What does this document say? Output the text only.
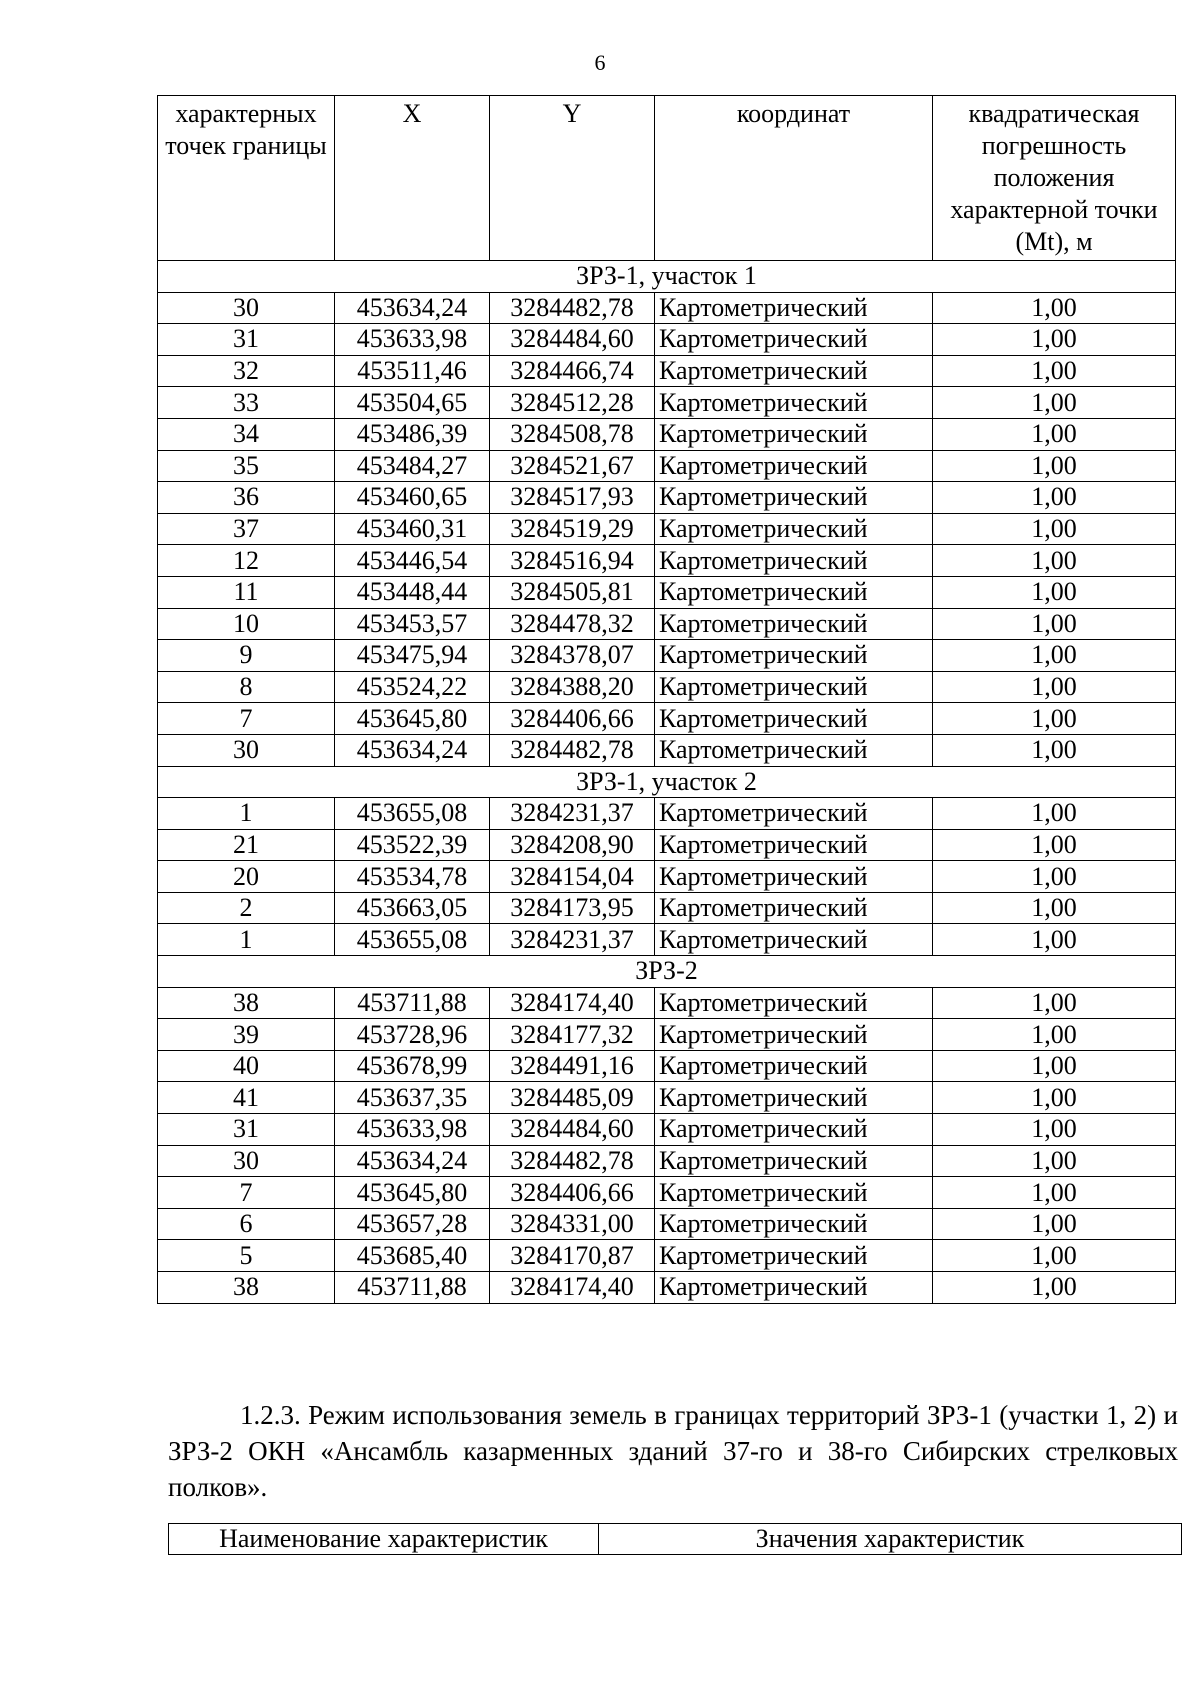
6
характерных точек границы	X	Y	координат	квадратическая погрешность положения характерной точки (Mt), м
ЗРЗ-1, участок 1				
30	453634,24	3284482,78	Картометрический	1,00
31	453633,98	3284484,60	Картометрический	1,00
32	453511,46	3284466,74	Картометрический	1,00
33	453504,65	3284512,28	Картометрический	1,00
34	453486,39	3284508,78	Картометрический	1,00
35	453484,27	3284521,67	Картометрический	1,00
36	453460,65	3284517,93	Картометрический	1,00
37	453460,31	3284519,29	Картометрический	1,00
12	453446,54	3284516,94	Картометрический	1,00
11	453448,44	3284505,81	Картометрический	1,00
10	453453,57	3284478,32	Картометрический	1,00
9	453475,94	3284378,07	Картометрический	1,00
8	453524,22	3284388,20	Картометрический	1,00
7	453645,80	3284406,66	Картометрический	1,00
30	453634,24	3284482,78	Картометрический	1,00
ЗРЗ-1, участок 2				
1	453655,08	3284231,37	Картометрический	1,00
21	453522,39	3284208,90	Картометрический	1,00
20	453534,78	3284154,04	Картометрический	1,00
2	453663,05	3284173,95	Картометрический	1,00
1	453655,08	3284231,37	Картометрический	1,00
ЗРЗ-2				
38	453711,88	3284174,40	Картометрический	1,00
39	453728,96	3284177,32	Картометрический	1,00
40	453678,99	3284491,16	Картометрический	1,00
41	453637,35	3284485,09	Картометрический	1,00
31	453633,98	3284484,60	Картометрический	1,00
30	453634,24	3284482,78	Картометрический	1,00
7	453645,80	3284406,66	Картометрический	1,00
6	453657,28	3284331,00	Картометрический	1,00
5	453685,40	3284170,87	Картометрический	1,00
38	453711,88	3284174,40	Картометрический	1,00
1.2.3. Режим использования земель в границах территорий ЗРЗ-1 (участки 1, 2) и ЗРЗ-2 ОКН «Ансамбль казарменных зданий 37-го и 38-го Сибирских стрелковых полков».
Наименование характеристик	Значения характеристик
